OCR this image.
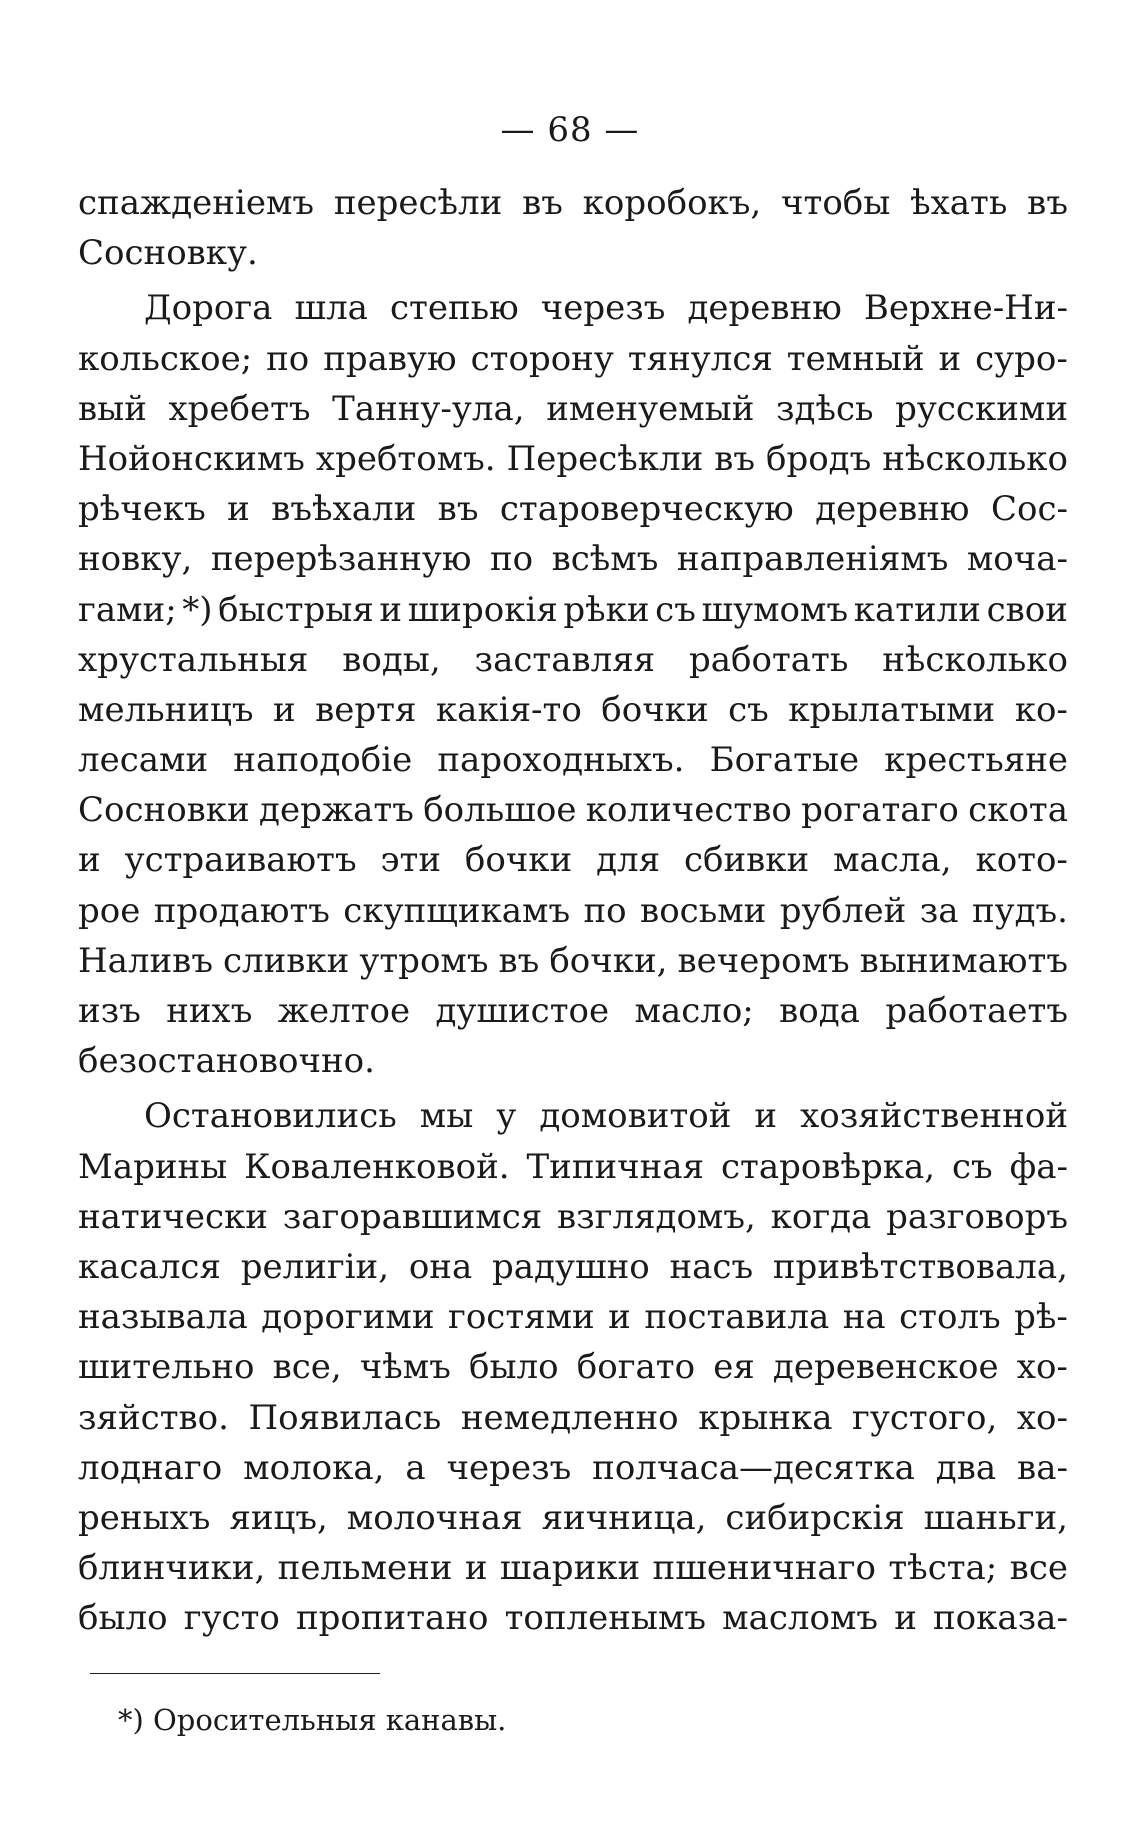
— 68 —
спажденіемъ пересѣли въ коробокъ, чтобы ѣхать въ
Сосновку.
Дорога шла степью черезъ деревню Верхне-Ни-
кольское; по правую сторону тянулся темный и суро-
вый хребетъ Танну-ула, именуемый здѣсь русскими
Нойонскимъ хребтомъ. Пересѣкли въ бродъ нѣсколько
рѣчекъ и въѣхали въ староверческую деревню Сос-
новку, перерѣзанную по всѣмъ направленіямъ моча-
гами; *) быстрыя и широкія рѣки съ шумомъ катили свои
хрустальныя воды, заставляя работать нѣсколько
мельницъ и вертя какія-то бочки съ крылатыми ко-
лесами наподобіе пароходныхъ. Богатые крестьяне
Сосновки держатъ большое количество рогатаго скота
и устраиваютъ эти бочки для сбивки масла, кото-
рое продаютъ скупщикамъ по восьми рублей за пудъ.
Наливъ сливки утромъ въ бочки, вечеромъ вынимаютъ
изъ нихъ желтое душистое масло; вода работаетъ
безостановочно.
Остановились мы у домовитой и хозяйственной
Марины Коваленковой. Типичная старовѣрка, съ фа-
натически загоравшимся взглядомъ, когда разговоръ
касался религіи, она радушно насъ привѣтствовала,
называла дорогими гостями и поставила на столъ рѣ-
шительно все, чѣмъ было богато ея деревенское хо-
зяйство. Появилась немедленно крынка густого, хо-
лоднаго молока, а черезъ полчаса—десятка два ва-
реныхъ яицъ, молочная яичница, сибирскія шаньги,
блинчики, пельмени и шарики пшеничнаго тѣста; все
было густо пропитано топленымъ масломъ и показа-
*) Оросительныя канавы.
